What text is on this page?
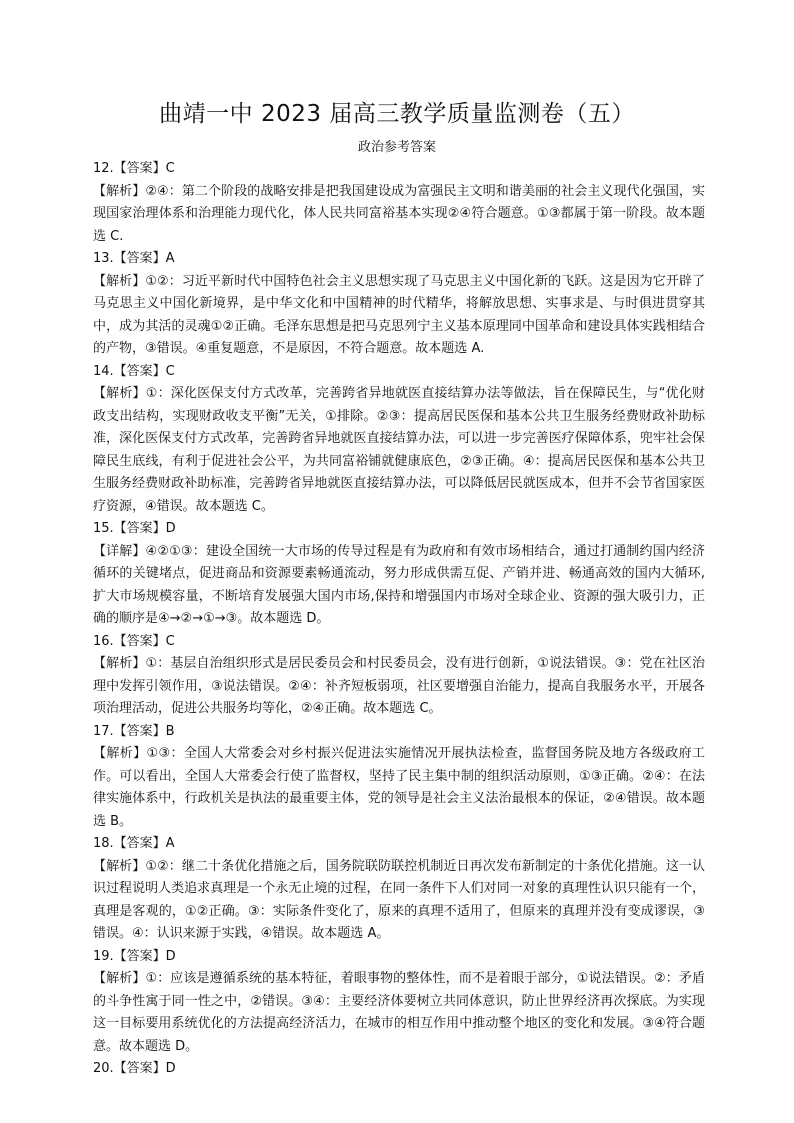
曲靖一中 2023 届高三教学质量监测卷（五）
政治参考答案

12.【答案】C

【解析】②④：第二个阶段的战略安排是把我国建设成为富强民主文明和谐美丽的社会主义现代化强国，实现国家治理体系和治理能力现代化，体人民共同富裕基本实现②④符合题意。①③都属于第一阶段。故本题选 C.

13.【答案】A

【解析】①②：习近平新时代中国特色社会主义思想实现了马克思主义中国化新的飞跃。这是因为它开辟了马克思主义中国化新境界，是中华文化和中国精神的时代精华，将解放思想、实事求是、与时俱进贯穿其中，成为其活的灵魂①②正确。毛泽东思想是把马克思列宁主义基本原理同中国革命和建设具体实践相结合的产物，③错误。④重复题意，不是原因，不符合题意。故本题选 A.

14.【答案】C

【解析】①：深化医保支付方式改革，完善跨省异地就医直接结算办法等做法，旨在保障民生，与“优化财政支出结构，实现财政收支平衡”无关，①排除。②③：提高居民医保和基本公共卫生服务经费财政补助标准，深化医保支付方式改革，完善跨省异地就医直接结算办法，可以进一步完善医疗保障体系，兜牢社会保障民生底线，有利于促进社会公平，为共同富裕铺就健康底色，②③正确。④：提高居民医保和基本公共卫生服务经费财政补助标准，完善跨省异地就医直接结算办法，可以降低居民就医成本，但并不会节省国家医疗资源，④错误。故本题选 C。

15.【答案】D

【详解】④②①③：建设全国统一大市场的传导过程是有为政府和有效市场相结合，通过打通制约国内经济循环的关键堵点，促进商品和资源要素畅通流动，努力形成供需互促、产销并进、畅通高效的国内大循环,扩大市场规模容量，不断培育发展强大国内市场,保持和增强国内市场对全球企业、资源的强大吸引力，正确的顺序是④→②→①→③。故本题选 D。

16.【答案】C

【解析】①：基层自治组织形式是居民委员会和村民委员会，没有进行创新，①说法错误。③：党在社区治理中发挥引领作用，③说法错误。②④：补齐短板弱项，社区要增强自治能力，提高自我服务水平，开展各项治理活动，促进公共服务均等化，②④正确。故本题选 C。

17.【答案】B

【解析】①③：全国人大常委会对乡村振兴促进法实施情况开展执法检查，监督国务院及地方各级政府工作。可以看出，全国人大常委会行使了监督权，坚持了民主集中制的组织活动原则，①③正确。②④：在法律实施体系中，行政机关是执法的最重要主体，党的领导是社会主义法治最根本的保证，②④错误。故本题选 B。

18.【答案】A

【解析】①②：继二十条优化措施之后，国务院联防联控机制近日再次发布新制定的十条优化措施。这一认识过程说明人类追求真理是一个永无止境的过程，在同一条件下人们对同一对象的真理性认识只能有一个，真理是客观的，①②正确。③：实际条件变化了，原来的真理不适用了，但原来的真理并没有变成谬误，③错误。④：认识来源于实践，④错误。故本题选 A。

19.【答案】D

【解析】①：应该是遵循系统的基本特征，着眼事物的整体性，而不是着眼于部分，①说法错误。②：矛盾的斗争性寓于同一性之中，②错误。③④：主要经济体要树立共同体意识，防止世界经济再次探底。为实现这一目标要用系统优化的方法提高经济活力，在城市的相互作用中推动整个地区的变化和发展。③④符合题意。故本题选 D。

20.【答案】D
